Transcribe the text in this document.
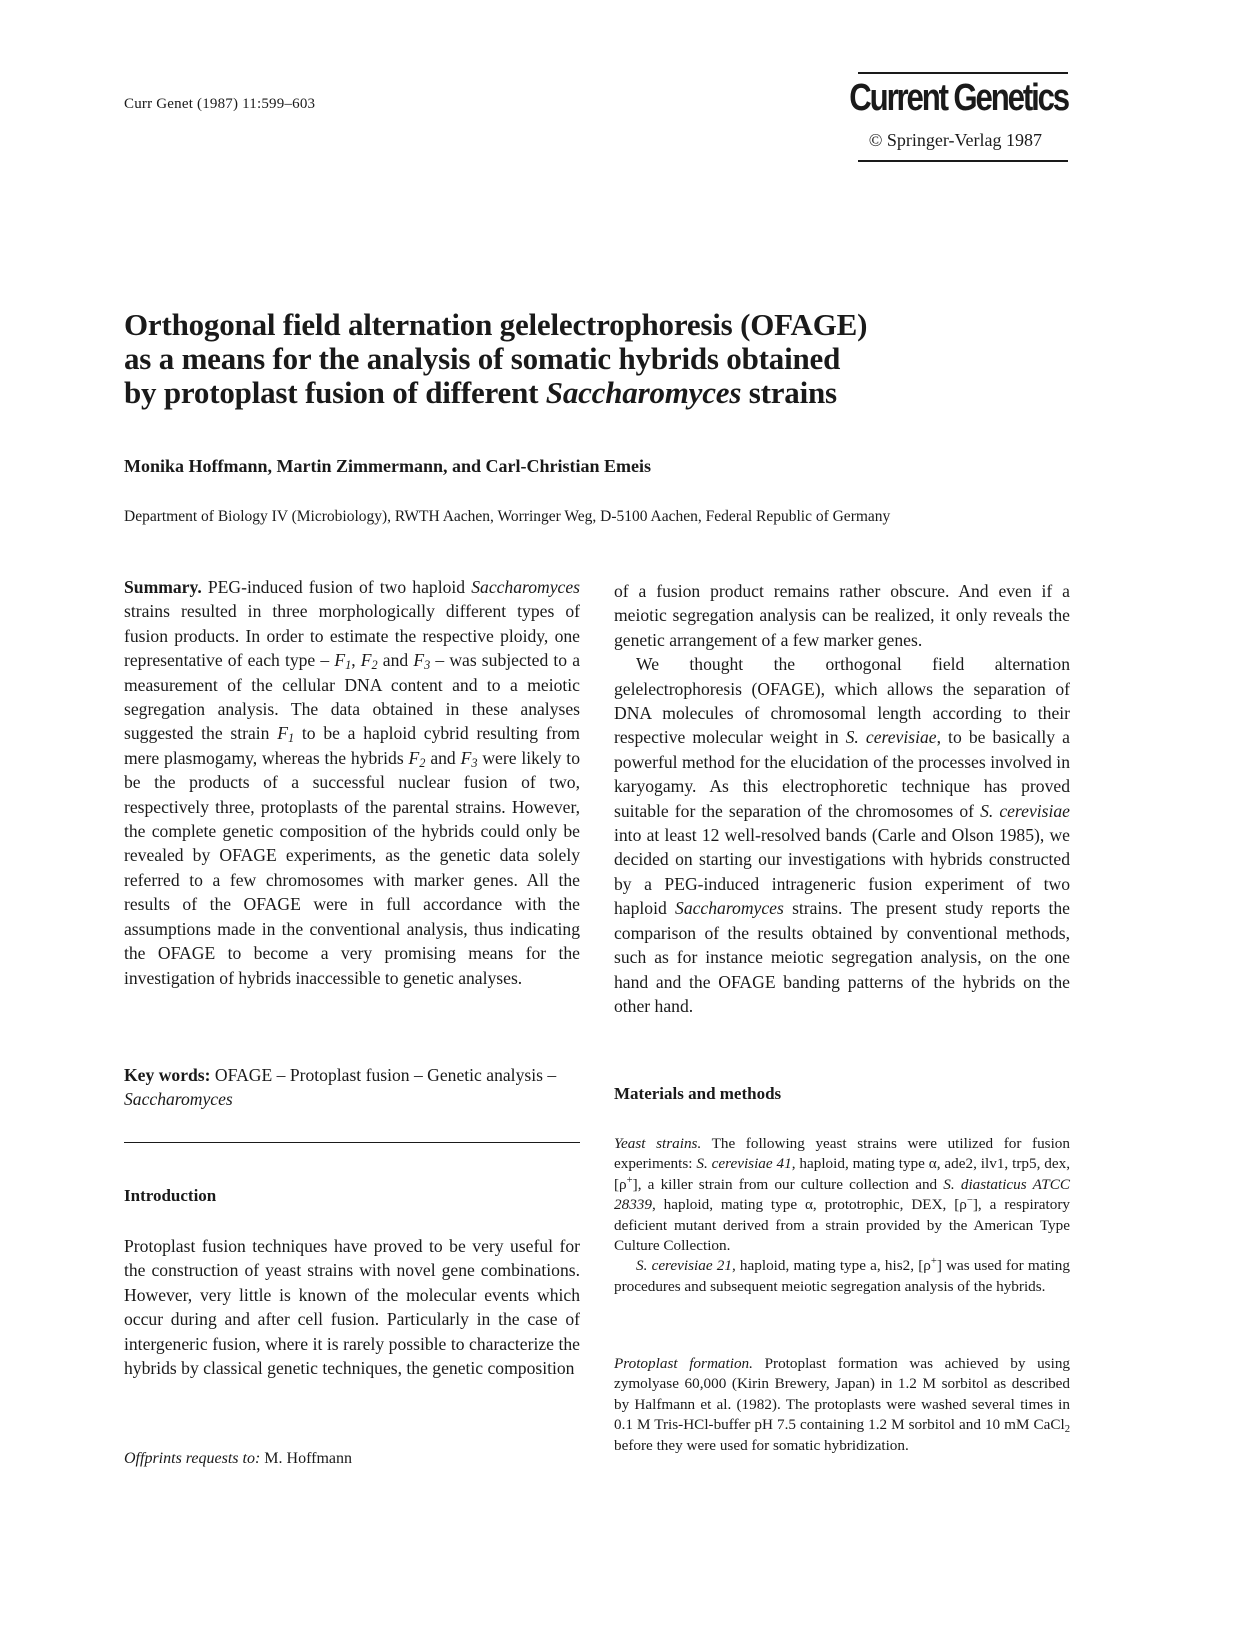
Curr Genet (1987) 11:599–603	Current Genetics
© Springer-Verlag 1987
Orthogonal field alternation gelelectrophoresis (OFAGE)
as a means for the analysis of somatic hybrids obtained
by protoplast fusion of different Saccharomyces strains
Monika Hoffmann, Martin Zimmermann, and Carl-Christian Emeis
Department of Biology IV (Microbiology), RWTH Aachen, Worringer Weg, D-5100 Aachen, Federal Republic of Germany

Summary. PEG-induced fusion of two haploid Saccharomyces strains resulted in three morphologically different types of fusion products. In order to estimate the respective ploidy, one representative of each type – $F_1$, $F_2$ and $F_3$ – was subjected to a measurement of the cellular DNA content and to a meiotic segregation analysis. The data obtained in these analyses suggested the strain $F_1$ to be a haploid cybrid resulting from mere plasmogamy, whereas the hybrids $F_2$ and $F_3$ were likely to be the products of a successful nuclear fusion of two, respectively three, protoplasts of the parental strains. However, the complete genetic composition of the hybrids could only be revealed by OFAGE experiments, as the genetic data solely referred to a few chromosomes with marker genes. All the results of the OFAGE were in full accordance with the assumptions made in the conventional analysis, thus indicating the OFAGE to become a very promising means for the investigation of hybrids inaccessible to genetic analyses.

Key words: OFAGE – Protoplast fusion – Genetic analysis – Saccharomyces

Introduction

Protoplast fusion techniques have proved to be very useful for the construction of yeast strains with novel gene combinations. However, very little is known of the molecular events which occur during and after cell fusion. Particularly in the case of intergeneric fusion, where it is rarely possible to characterize the hybrids by classical genetic techniques, the genetic composition

Offprints requests to: M. Hoffmann

of a fusion product remains rather obscure. And even if a meiotic segregation analysis can be realized, it only reveals the genetic arrangement of a few marker genes.

We thought the orthogonal field alternation gelelectrophoresis (OFAGE), which allows the separation of DNA molecules of chromosomal length according to their respective molecular weight in S. cerevisiae, to be basically a powerful method for the elucidation of the processes involved in karyogamy. As this electrophoretic technique has proved suitable for the separation of the chromosomes of S. cerevisiae into at least 12 well-resolved bands (Carle and Olson 1985), we decided on starting our investigations with hybrids constructed by a PEG-induced intrageneric fusion experiment of two haploid Saccharomyces strains. The present study reports the comparison of the results obtained by conventional methods, such as for instance meiotic segregation analysis, on the one hand and the OFAGE banding patterns of the hybrids on the other hand.

Materials and methods

Yeast strains. The following yeast strains were utilized for fusion experiments: S. cerevisiae 41, haploid, mating type α, ade2, ilv1, trp5, dex, [ρ+], a killer strain from our culture collection and S. diastaticus ATCC 28339, haploid, mating type α, prototrophic, DEX, [ρ−], a respiratory deficient mutant derived from a strain provided by the American Type Culture Collection.

S. cerevisiae 21, haploid, mating type a, his2, [ρ+] was used for mating procedures and subsequent meiotic segregation analysis of the hybrids.

Protoplast formation. Protoplast formation was achieved by using zymolyase 60,000 (Kirin Brewery, Japan) in 1.2 M sorbitol as described by Halfmann et al. (1982). The protoplasts were washed several times in 0.1 M Tris-HCl-buffer pH 7.5 containing 1.2 M sorbitol and 10 mM CaCl$_2$ before they were used for somatic hybridization.
